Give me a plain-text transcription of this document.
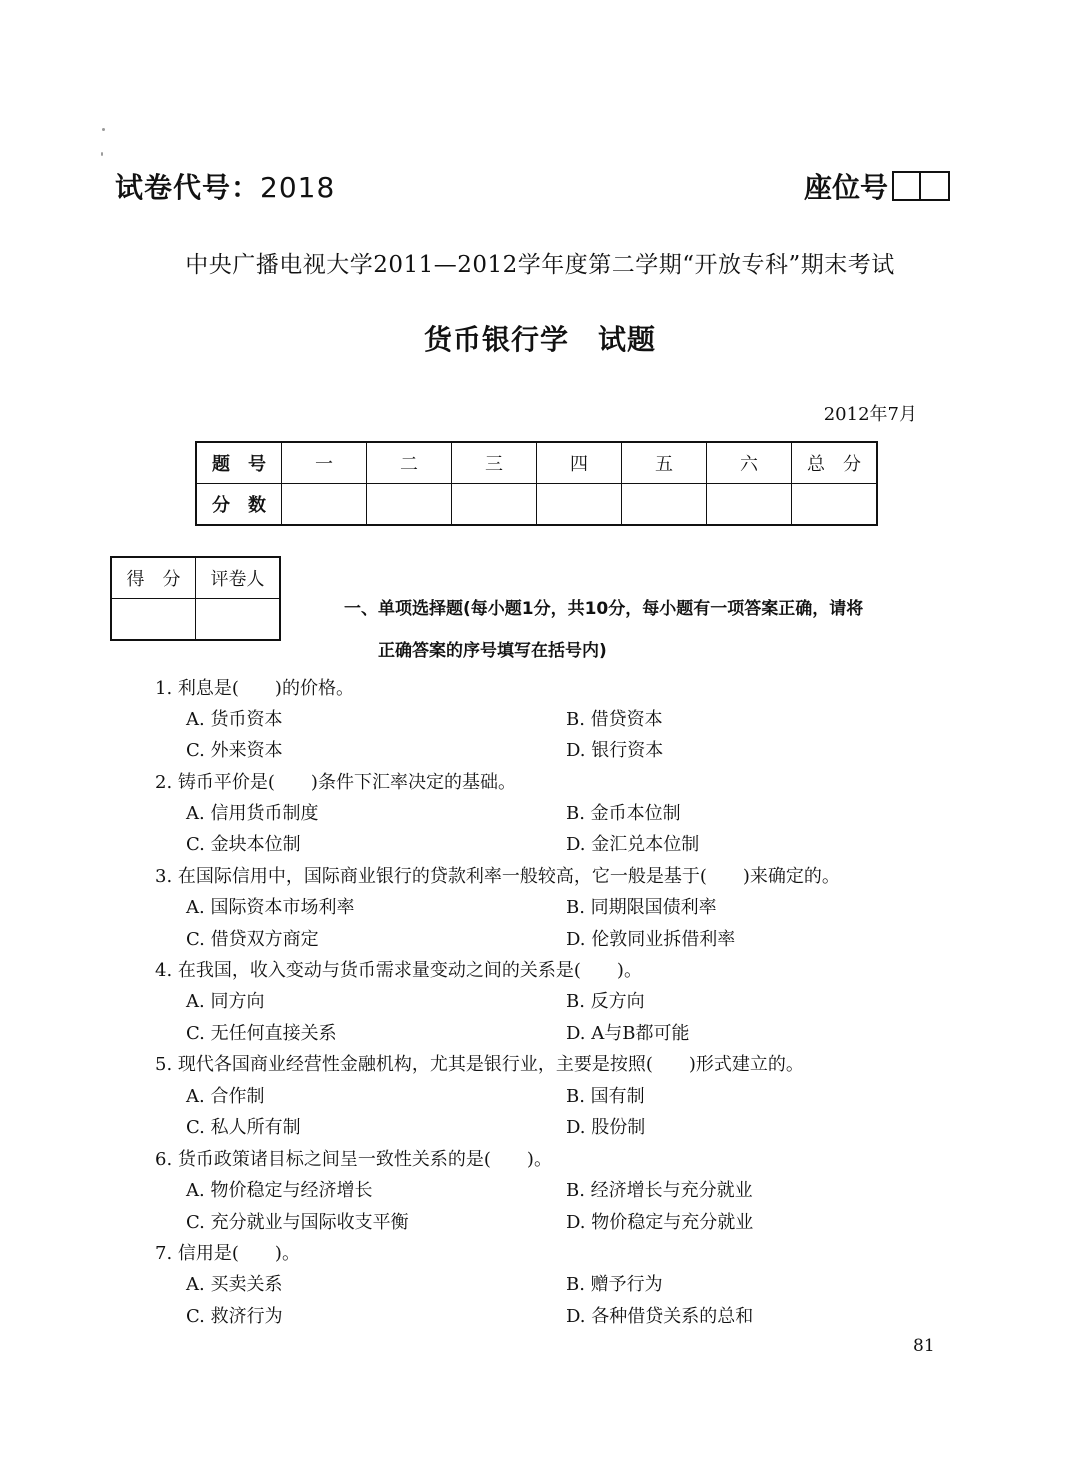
试卷代号：2018	座位号
中央广播电视大学2011—2012学年度第二学期“开放专科”期末考试
货币银行学　试题
2012年7月
题　号	一	二	三	四	五	六	总　分
分　数							
得　分	评卷人

一、单项选择题(每小题1分，共10分，每小题有一项答案正确，请将
正确答案的序号填写在括号内)
1. 利息是(　　)的价格。
A. 货币资本	B. 借贷资本
C. 外来资本	D. 银行资本
2. 铸币平价是(　　)条件下汇率决定的基础。
A. 信用货币制度	B. 金币本位制
C. 金块本位制	D. 金汇兑本位制
3. 在国际信用中，国际商业银行的贷款利率一般较高，它一般是基于(　　)来确定的。
A. 国际资本市场利率	B. 同期限国债利率
C. 借贷双方商定	D. 伦敦同业拆借利率
4. 在我国，收入变动与货币需求量变动之间的关系是(　　)。
A. 同方向	B. 反方向
C. 无任何直接关系	D. A与B都可能
5. 现代各国商业经营性金融机构，尤其是银行业，主要是按照(　　)形式建立的。
A. 合作制	B. 国有制
C. 私人所有制	D. 股份制
6. 货币政策诸目标之间呈一致性关系的是(　　)。
A. 物价稳定与经济增长	B. 经济增长与充分就业
C. 充分就业与国际收支平衡	D. 物价稳定与充分就业
7. 信用是(　　)。
A. 买卖关系	B. 赠予行为
C. 救济行为	D. 各种借贷关系的总和
81
